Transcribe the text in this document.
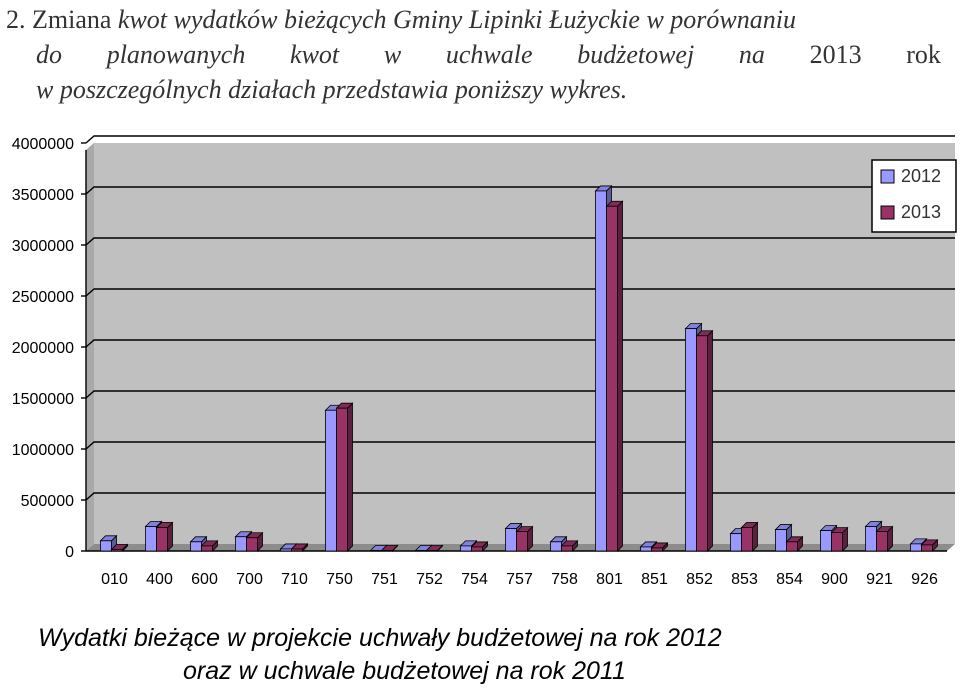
2.
Zmiana
kwot wydatków bieżących Gminy Lipinki Łużyckie w porównaniu
do planowanych kwot w uchwale budżetowej na 2013 rok
w poszczególnych działach przedstawia poniższy wykres.
0
500000
1000000
1500000
2000000
2500000
3000000
3500000
4000000
010 400 600 700 710 750 751 752 754 757 758 801 851 852 853 854 900 921 926
2012
2013
Wydatki bieżące w projekcie uchwały budżetowej na rok 2012
oraz w uchwale budżetowej na rok 2011
